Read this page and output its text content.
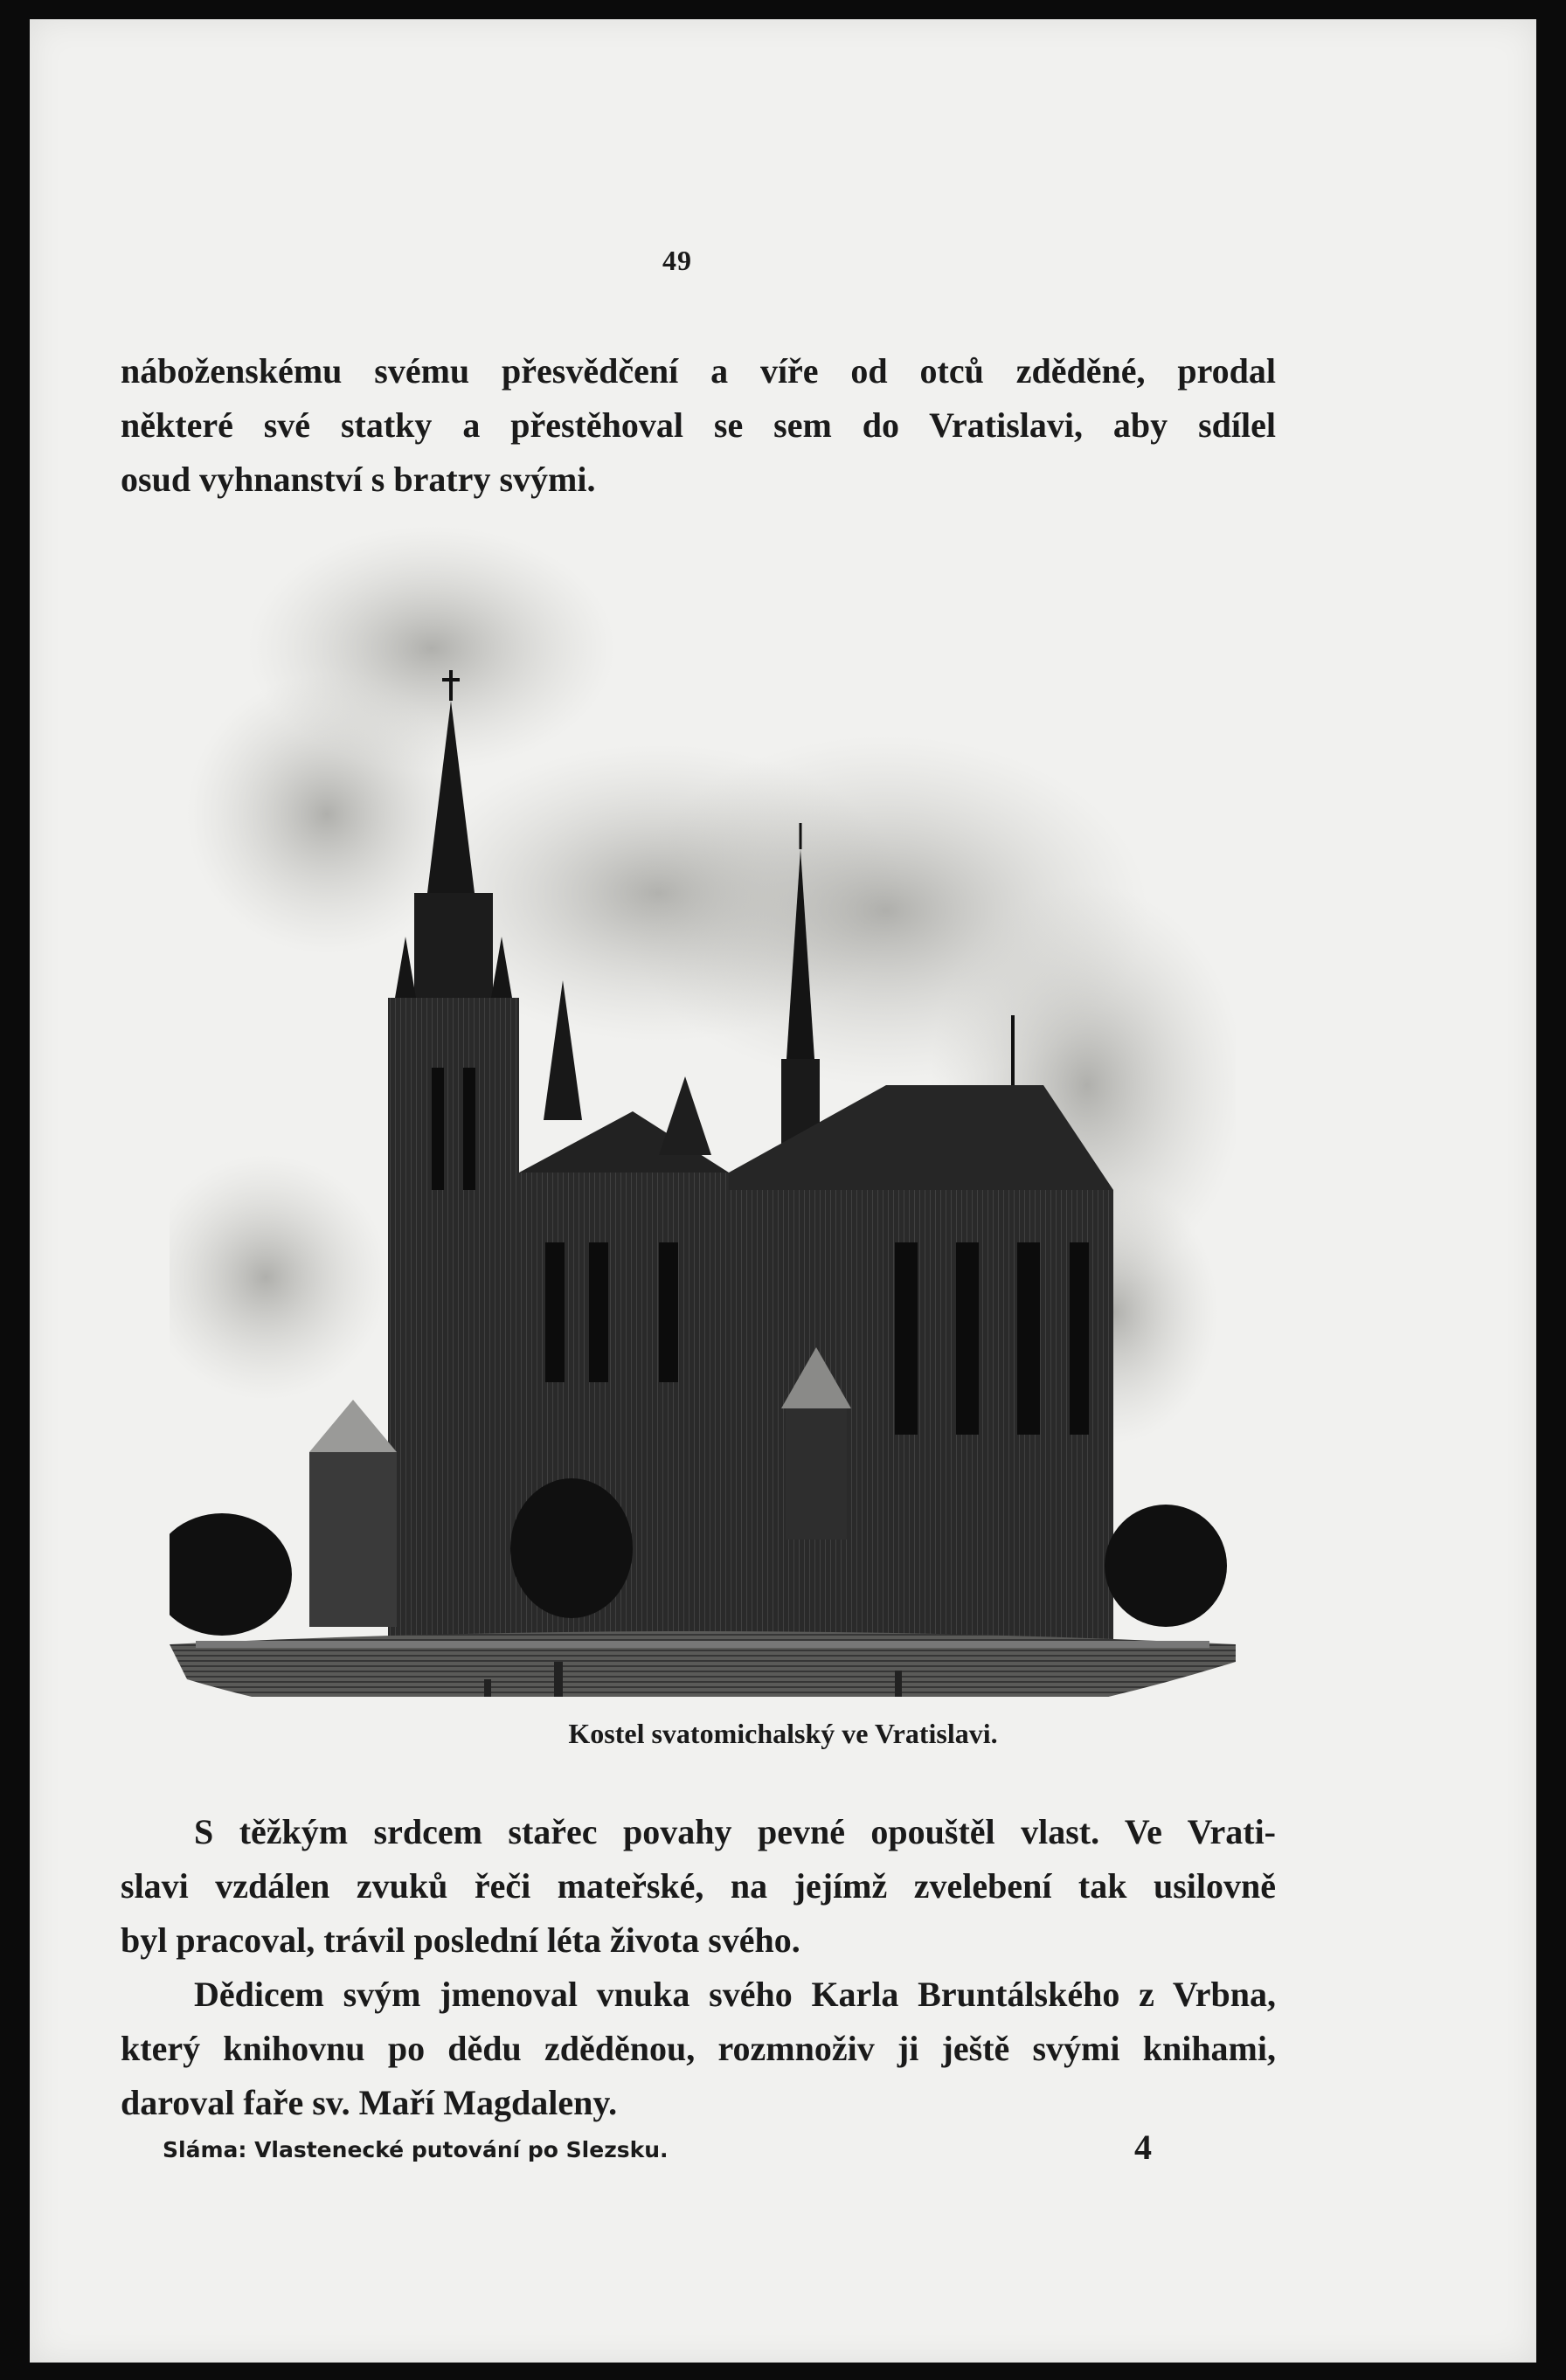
49
náboženskému svému přesvědčení a víře od otců zděděné, prodal
některé své statky a přestěhoval se sem do Vratislavi, aby sdílel
osud vyhnanství s bratry svými.
Kostel svatomichalský ve Vratislavi.
S těžkým srdcem stařec povahy pevné opouštěl vlast. Ve Vrati-
slavi vzdálen zvuků řeči mateřské, na jejímž zvelebení tak usilovně
byl pracoval, trávil poslední léta života svého.
Dědicem svým jmenoval vnuka svého Karla Bruntálského z Vrbna,
který knihovnu po dědu zděděnou, rozmnoživ ji ještě svými knihami,
daroval faře sv. Maří Magdaleny.
Sláma: Vlastenecké putování po Slezsku.	4
